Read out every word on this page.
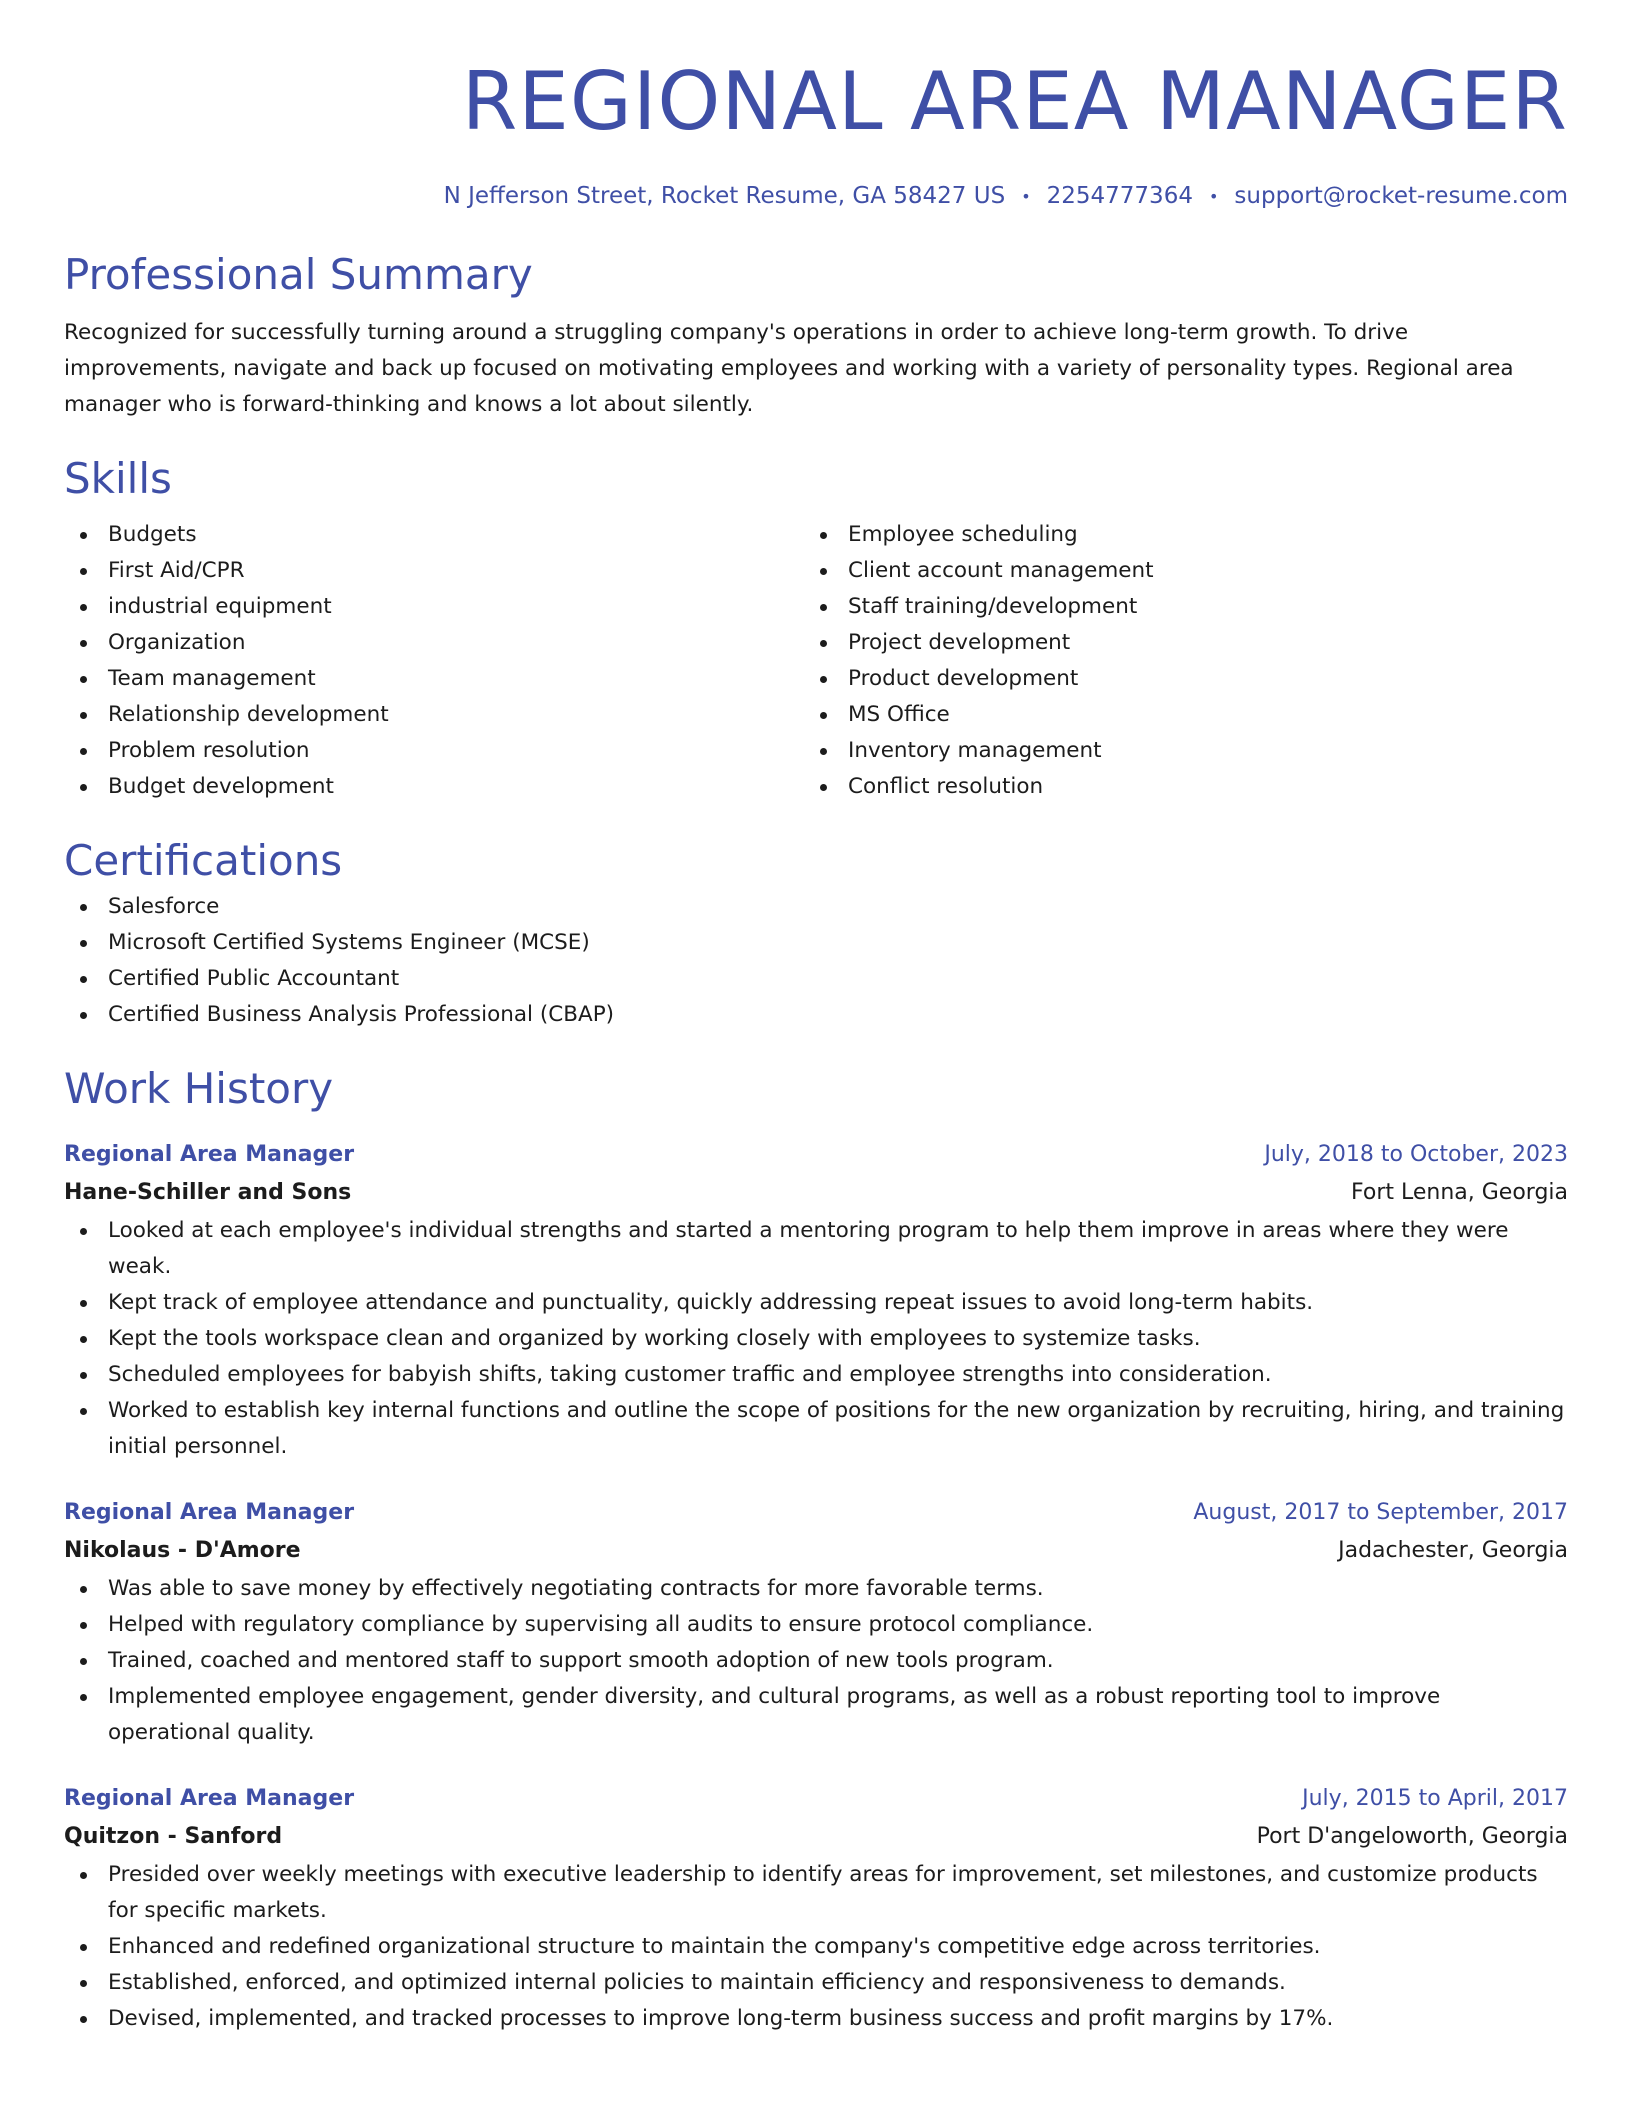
REGIONAL AREA MANAGER
N Jefferson Street, Rocket Resume, GA 58427 US • 2254777364 • support@rocket-resume.com
Professional Summary

Recognized for successfully turning around a struggling company's operations in order to achieve long-term growth. To drive improvements, navigate and back up focused on motivating employees and working with a variety of personality types. Regional area manager who is forward-thinking and knows a lot about silently.

Skills
Budgets
First Aid/CPR
industrial equipment
Organization
Team management
Relationship development
Problem resolution
Budget development
Employee scheduling
Client account management
Staff training/development
Project development
Product development
MS Office
Inventory management
Conflict resolution
Certifications
Salesforce
Microsoft Certified Systems Engineer (MCSE)
Certified Public Accountant
Certified Business Analysis Professional (CBAP)
Work History
Regional Area Manager	July, 2018 to October, 2023
Hane-Schiller and Sons	Fort Lenna, Georgia
Looked at each employee's individual strengths and started a mentoring program to help them improve in areas where they were weak.
Kept track of employee attendance and punctuality, quickly addressing repeat issues to avoid long-term habits.
Kept the tools workspace clean and organized by working closely with employees to systemize tasks.
Scheduled employees for babyish shifts, taking customer traffic and employee strengths into consideration.
Worked to establish key internal functions and outline the scope of positions for the new organization by recruiting, hiring, and training initial personnel.
Regional Area Manager	August, 2017 to September, 2017
Nikolaus - D'Amore	Jadachester, Georgia
Was able to save money by effectively negotiating contracts for more favorable terms.
Helped with regulatory compliance by supervising all audits to ensure protocol compliance.
Trained, coached and mentored staff to support smooth adoption of new tools program.
Implemented employee engagement, gender diversity, and cultural programs, as well as a robust reporting tool to improve operational quality.
Regional Area Manager	July, 2015 to April, 2017
Quitzon - Sanford	Port D'angeloworth, Georgia
Presided over weekly meetings with executive leadership to identify areas for improvement, set milestones, and customize products for specific markets.
Enhanced and redefined organizational structure to maintain the company's competitive edge across territories.
Established, enforced, and optimized internal policies to maintain efficiency and responsiveness to demands.
Devised, implemented, and tracked processes to improve long-term business success and profit margins by 17%.
